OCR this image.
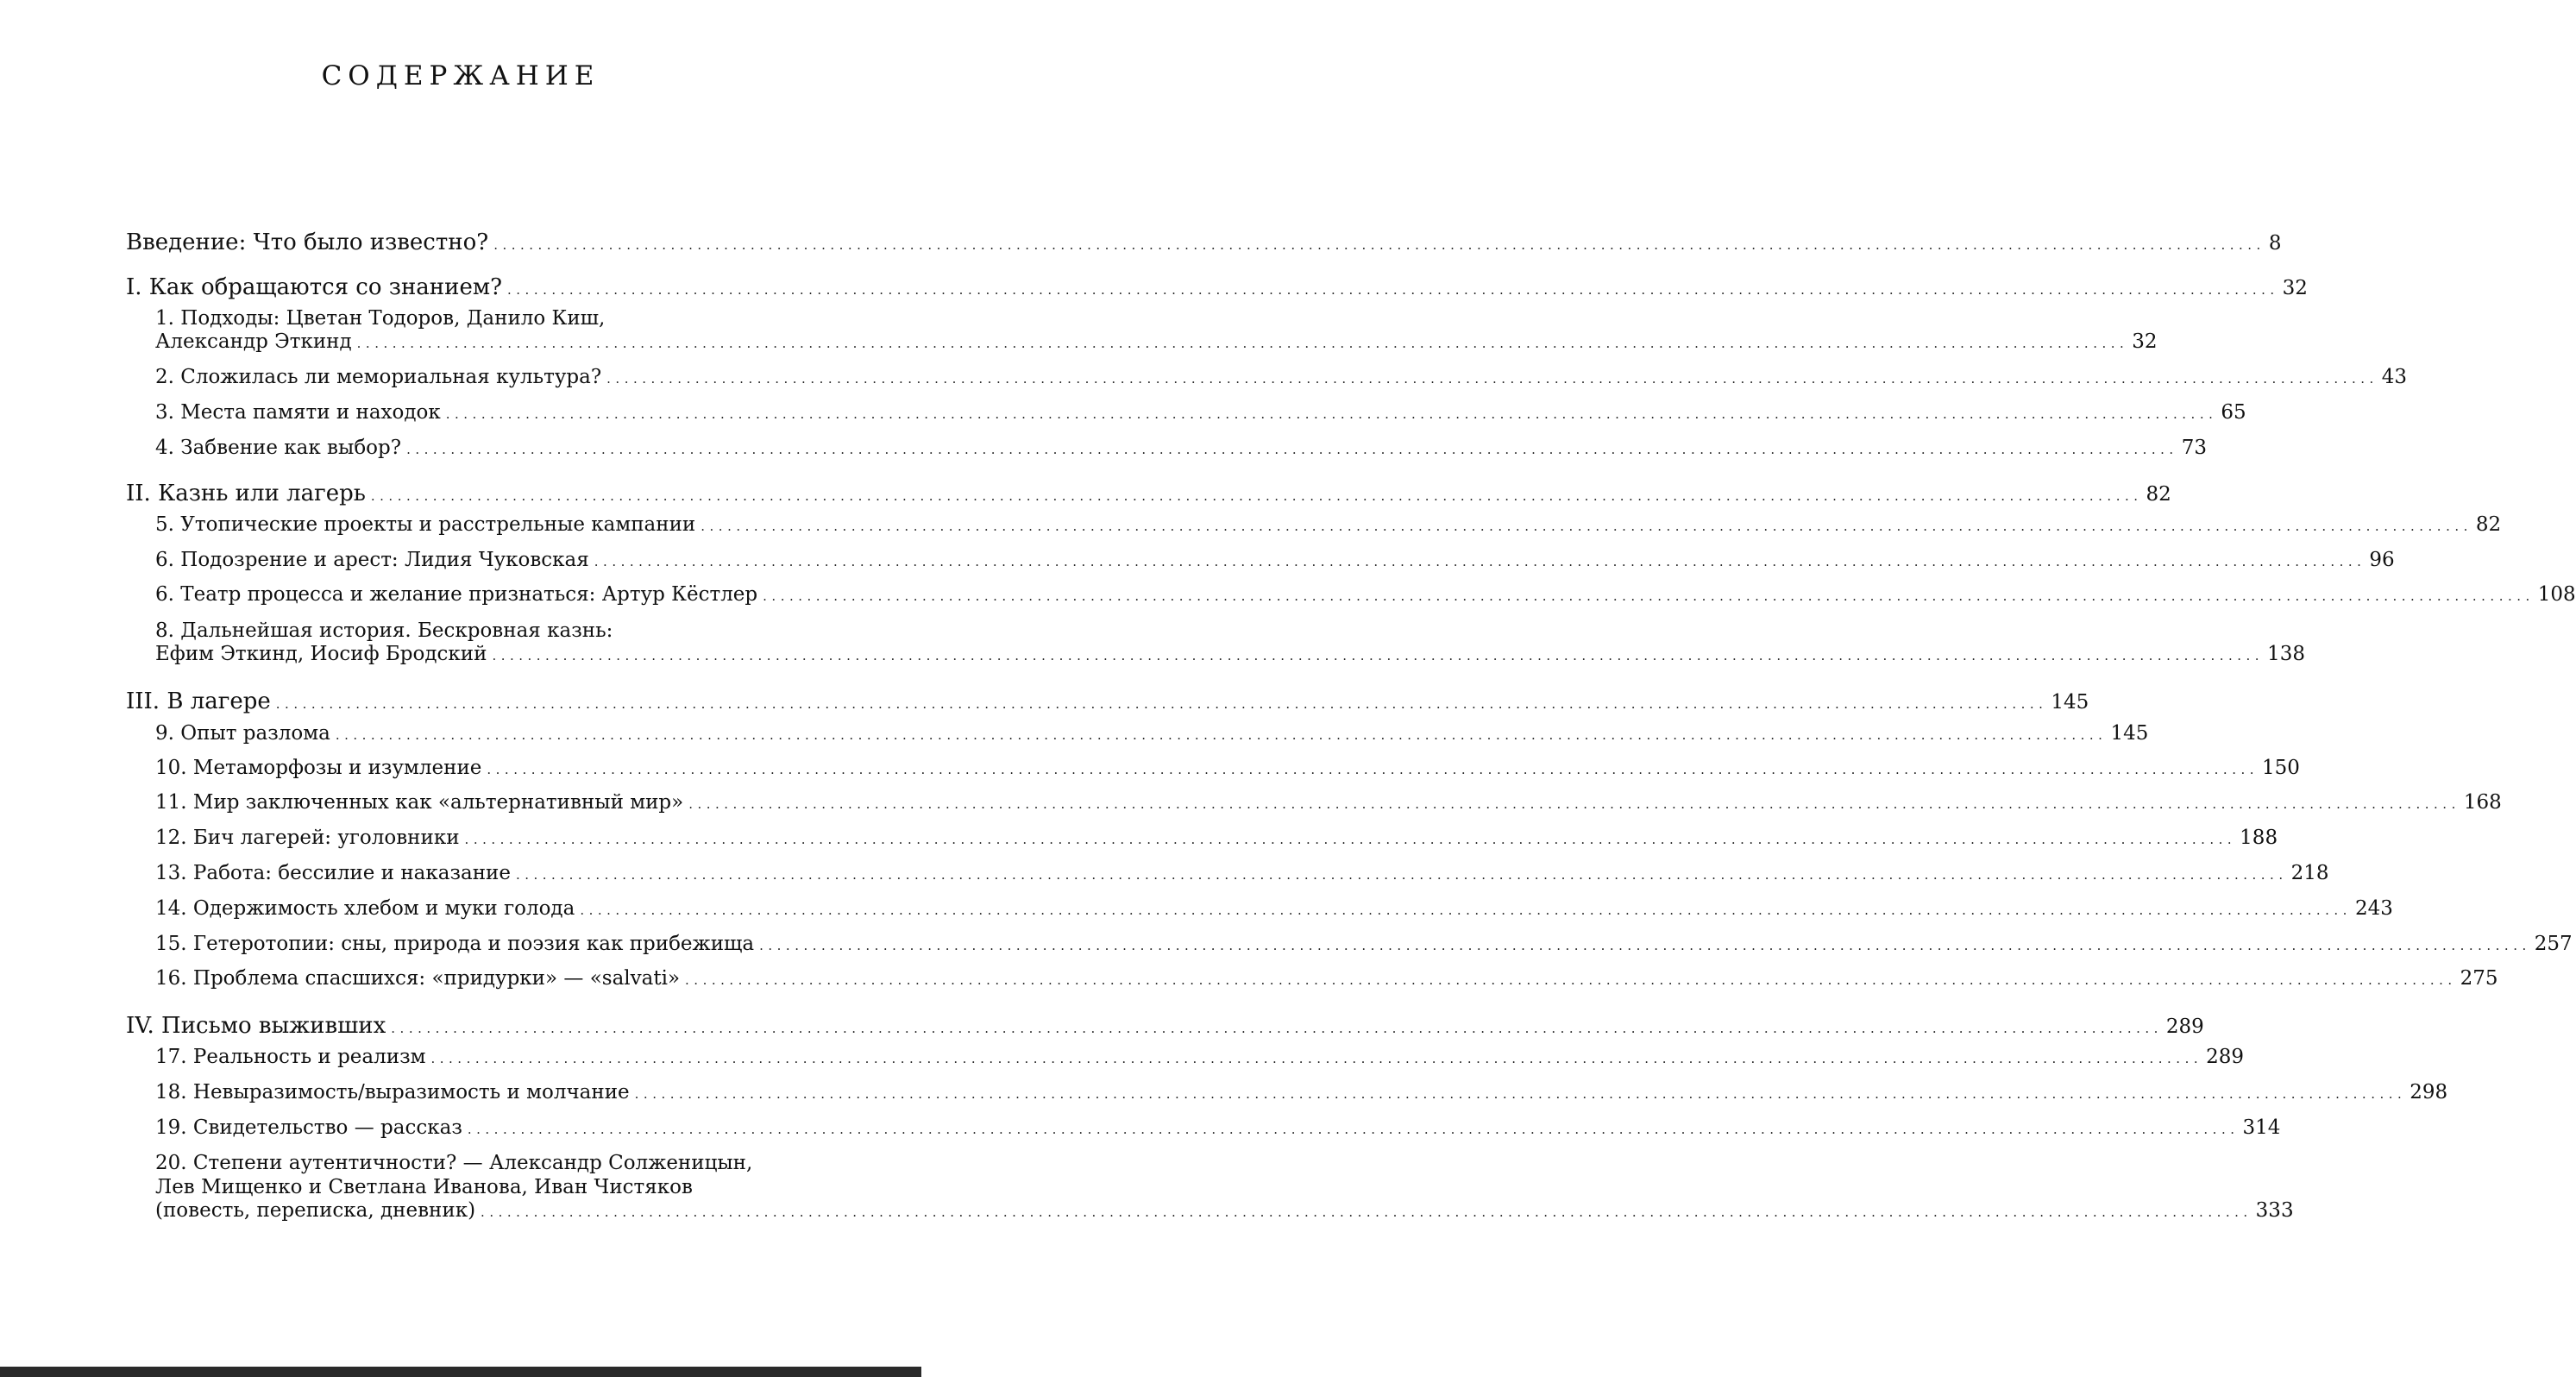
СОДЕРЖАНИЕ
Введение: Что было известно? ........................................................................................................................................................................................................ 8
I. Как обращаются со знанием? ........................................................................................................................................................................................................ 32
1. Подходы: Цветан Тодоров, Данило Киш,
Александр Эткинд ........................................................................................................................................................................................................ 32
2. Сложилась ли мемориальная культура? ........................................................................................................................................................................................................ 43
3. Места памяти и находок ........................................................................................................................................................................................................ 65
4. Забвение как выбор? ........................................................................................................................................................................................................ 73
II. Казнь или лагерь ........................................................................................................................................................................................................ 82
5. Утопические проекты и расстрельные кампании ........................................................................................................................................................................................................ 82
6. Подозрение и арест: Лидия Чуковская ........................................................................................................................................................................................................ 96
6. Театр процесса и желание признаться: Артур Кёстлер ........................................................................................................................................................................................................ 108
8. Дальнейшая история. Бескровная казнь:
Ефим Эткинд, Иосиф Бродский ........................................................................................................................................................................................................ 138
III. В лагере ........................................................................................................................................................................................................ 145
9. Опыт разлома ........................................................................................................................................................................................................ 145
10. Метаморфозы и изумление ........................................................................................................................................................................................................ 150
11. Мир заключенных как «альтернативный мир» ........................................................................................................................................................................................................ 168
12. Бич лагерей: уголовники ........................................................................................................................................................................................................ 188
13. Работа: бессилие и наказание ........................................................................................................................................................................................................ 218
14. Одержимость хлебом и муки голода ........................................................................................................................................................................................................ 243
15. Гетеротопии: сны, природа и поэзия как прибежища ........................................................................................................................................................................................................ 257
16. Проблема спасшихся: «придурки» — «salvati» ........................................................................................................................................................................................................ 275
IV. Письмо выживших ........................................................................................................................................................................................................ 289
17. Реальность и реализм ........................................................................................................................................................................................................ 289
18. Невыразимость/выразимость и молчание ........................................................................................................................................................................................................ 298
19. Свидетельство — рассказ ........................................................................................................................................................................................................ 314
20. Степени аутентичности? — Александр Солженицын,
Лев Мищенко и Светлана Иванова, Иван Чистяков
(повесть, переписка, дневник) ........................................................................................................................................................................................................ 333
